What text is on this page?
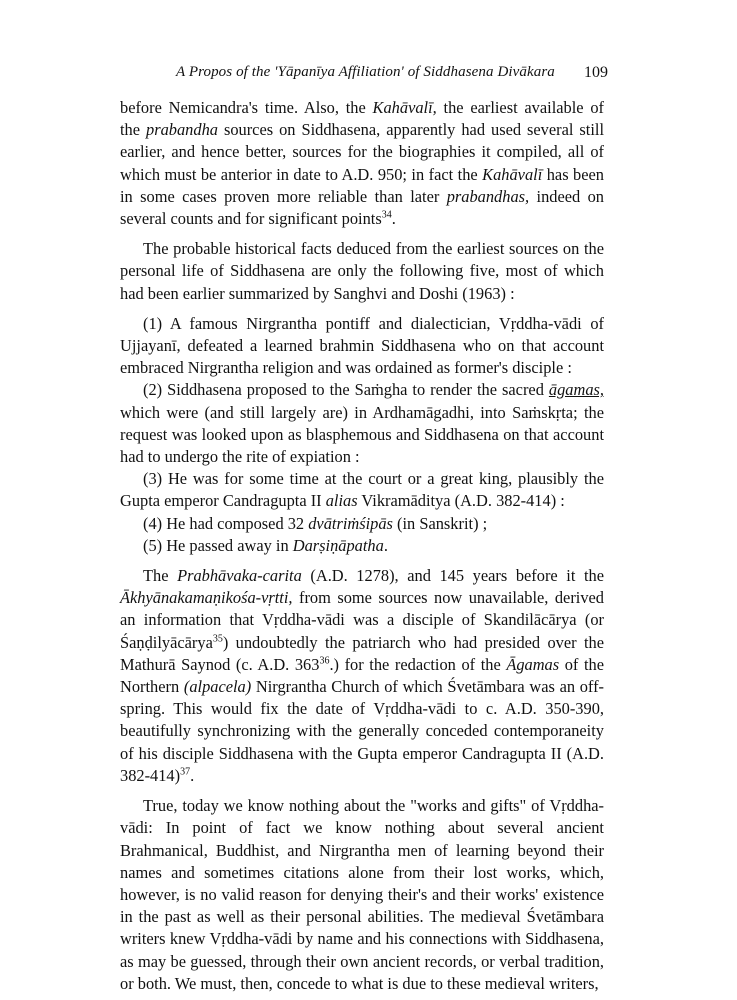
A Propos of the 'Yāpanīya Affiliation' of Siddhasena Divākara 109

before Nemicandra's time. Also, the Kahāvalī, the earliest available of the prabandha sources on Siddhasena, apparently had used several still earlier, and hence better, sources for the biographies it compiled, all of which must be anterior in date to A.D. 950; in fact the Kahāvalī has been in some cases proven more reliable than later prabandhas, indeed on several counts and for significant points$^{34}$.

The probable historical facts deduced from the earliest sources on the personal life of Siddhasena are only the following five, most of which had been earlier summarized by Sanghvi and Doshi (1963) :

(1) A famous Nirgrantha pontiff and dialectician, Vṛddha-vādi of Ujjayanī, defeated a learned brahmin Siddhasena who on that account embraced Nirgrantha religion and was ordained as former's disciple :

(2) Siddhasena proposed to the Saṁgha to render the sacred āgamas, which were (and still largely are) in Ardhamāgadhi, into Saṁskṛta; the request was looked upon as blasphemous and Siddhasena on that account had to undergo the rite of expiation :

(3) He was for some time at the court or a great king, plausibly the Gupta emperor Candragupta II alias Vikramāditya (A.D. 382-414) :

(4) He had composed 32 dvātriṁśipās (in Sanskrit) ;

(5) He passed away in Darṣiṇāpatha.

The Prabhāvaka-carita (A.D. 1278), and 145 years before it the Ākhyānakamaṇikośa-vṛtti, from some sources now unavailable, derived an information that Vṛddha-vādi was a disciple of Skandilācārya (or Śaṇḍilyācārya$^{35}$) undoubtedly the patriarch who had presided over the Mathurā Saynod (c. A.D. $363^{36}$.) for the redaction of the Āgamas of the Northern (alpacela) Nirgrantha Church of which Śvetāmbara was an off-spring. This would fix the date of Vṛddha-vādi to c. A.D. 350-390, beautifully synchronizing with the generally conceded contemporaneity of his disciple Siddhasena with the Gupta emperor Candragupta II (A.D. 382-414)$^{37}$.

True, today we know nothing about the "works and gifts" of Vṛddha-vādi: In point of fact we know nothing about several ancient Brahmanical, Buddhist, and Nirgrantha men of learning beyond their names and sometimes citations alone from their lost works, which, however, is no valid reason for denying their's and their works' existence in the past as well as their personal abilities. The medieval Śvetāmbara writers knew Vṛddha-vādi by name and his connections with Siddhasena, as may be guessed, through their own ancient records, or verbal tradition, or both. We must, then, concede to what is due to these medieval writers,
